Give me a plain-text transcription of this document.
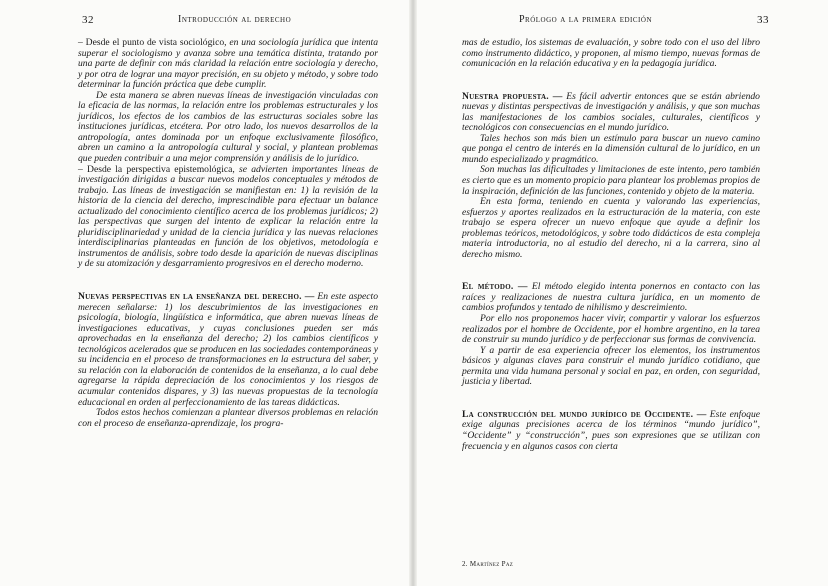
32	Introducción al derecho

– Desde el punto de vista sociológico, en una sociología jurídica que intenta superar el sociologismo y avanza sobre una temática distinta, tratando por una parte de definir con más claridad la relación entre sociología y derecho, y por otra de lograr una mayor precisión, en su objeto y método, y sobre todo determinar la función práctica que debe cumplir.

De esta manera se abren nuevas líneas de investigación vinculadas con la eficacia de las normas, la relación entre los problemas estructurales y los jurídicos, los efectos de los cambios de las estructuras sociales sobre las instituciones jurídicas, etcétera. Por otro lado, los nuevos desarrollos de la antropología, antes dominada por un enfoque exclusivamente filosófico, abren un camino a la antropología cultural y social, y plantean problemas que pueden contribuir a una mejor comprensión y análisis de lo jurídico.

– Desde la perspectiva epistemológica, se advierten importantes líneas de investigación dirigidas a buscar nuevos modelos conceptuales y métodos de trabajo. Las líneas de investigación se manifiestan en: 1) la revisión de la historia de la ciencia del derecho, imprescindible para efectuar un balance actualizado del conocimiento científico acerca de los problemas jurídicos; 2) las perspectivas que surgen del intento de explicar la relación entre la pluridisciplinariedad y unidad de la ciencia jurídica y las nuevas relaciones interdisciplinarias planteadas en función de los objetivos, metodología e instrumentos de análisis, sobre todo desde la aparición de nuevas disciplinas y de su atomización y desgarramiento progresivos en el derecho moderno.

Nuevas perspectivas en la enseñanza del derecho. — En este aspecto merecen señalarse: 1) los descubrimientos de las investigaciones en psicología, biología, lingüística e informática, que abren nuevas líneas de investigaciones educativas, y cuyas conclusiones pueden ser más aprovechadas en la enseñanza del derecho; 2) los cambios científicos y tecnológicos acelerados que se producen en las sociedades contemporáneas y su incidencia en el proceso de transformaciones en la estructura del saber, y su relación con la elaboración de contenidos de la enseñanza, a lo cual debe agregarse la rápida depreciación de los conocimientos y los riesgos de acumular contenidos dispares, y 3) las nuevas propuestas de la tecnología educacional en orden al perfeccionamiento de las tareas didácticas.

Todos estos hechos comienzan a plantear diversos problemas en relación con el proceso de enseñanza-aprendizaje, los progra-

Prólogo a la primera edición	33

mas de estudio, los sistemas de evaluación, y sobre todo con el uso del libro como instrumento didáctico, y proponen, al mismo tiempo, nuevas formas de comunicación en la relación educativa y en la pedagogía jurídica.

Nuestra propuesta. — Es fácil advertir entonces que se están abriendo nuevas y distintas perspectivas de investigación y análisis, y que son muchas las manifestaciones de los cambios sociales, culturales, científicos y tecnológicos con consecuencias en el mundo jurídico.

Tales hechos son más bien un estímulo para buscar un nuevo camino que ponga el centro de interés en la dimensión cultural de lo jurídico, en un mundo especializado y pragmático.

Son muchas las dificultades y limitaciones de este intento, pero también es cierto que es un momento propicio para plantear los problemas propios de la inspiración, definición de las funciones, contenido y objeto de la materia.

En esta forma, teniendo en cuenta y valorando las experiencias, esfuerzos y aportes realizados en la estructuración de la materia, con este trabajo se espera ofrecer un nuevo enfoque que ayude a definir los problemas teóricos, metodológicos, y sobre todo didácticos de esta compleja materia introductoria, no al estudio del derecho, ni a la carrera, sino al derecho mismo.

El método. — El método elegido intenta ponernos en contacto con las raíces y realizaciones de nuestra cultura jurídica, en un momento de cambios profundos y tentado de nihilismo y descreimiento.

Por ello nos proponemos hacer vivir, compartir y valorar los esfuerzos realizados por el hombre de Occidente, por el hombre argentino, en la tarea de construir su mundo jurídico y de perfeccionar sus formas de convivencia.

Y a partir de esa experiencia ofrecer los elementos, los instrumentos básicos y algunas claves para construir el mundo jurídico cotidiano, que permita una vida humana personal y social en paz, en orden, con seguridad, justicia y libertad.

La construcción del mundo jurídico de Occidente. — Este enfoque exige algunas precisiones acerca de los términos “mundo jurídico”, “Occidente” y “construcción”, pues son expresiones que se utilizan con frecuencia y en algunos casos con cierta

2. Martínez Paz
